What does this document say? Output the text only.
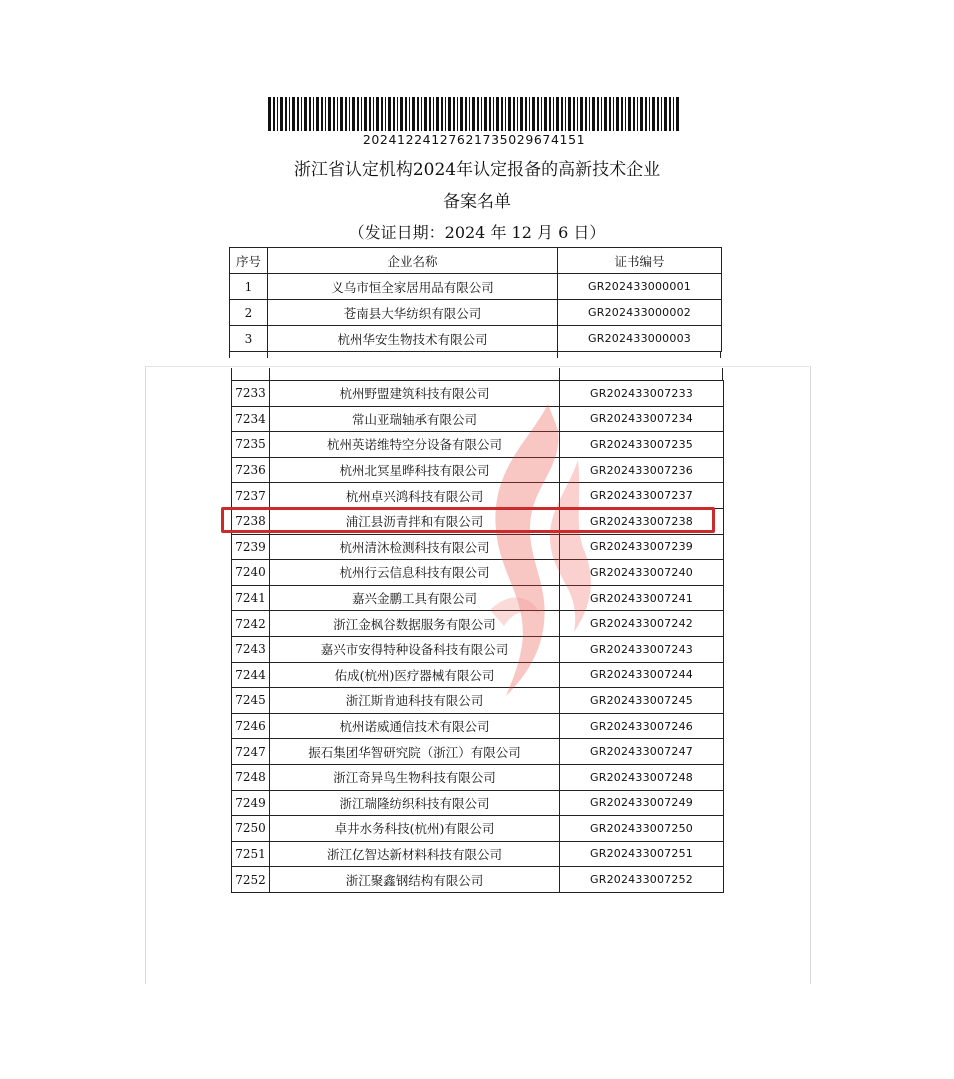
20241224127621735029674151
浙江省认定机构2024年认定报备的高新技术企业
备案名单
（发证日期：2024 年 12 月 6 日）
序号	企业名称	证书编号
1	义乌市恒全家居用品有限公司	GR202433000001
2	苍南县大华纺织有限公司	GR202433000002
3	杭州华安生物技术有限公司	GR202433000003
7233	杭州野盟建筑科技有限公司	GR202433007233
7234	常山亚瑞轴承有限公司	GR202433007234
7235	杭州英诺维特空分设备有限公司	GR202433007235
7236	杭州北冥星晔科技有限公司	GR202433007236
7237	杭州卓兴鸿科技有限公司	GR202433007237
7238	浦江县沥青拌和有限公司	GR202433007238
7239	杭州清沐检测科技有限公司	GR202433007239
7240	杭州行云信息科技有限公司	GR202433007240
7241	嘉兴金鹏工具有限公司	GR202433007241
7242	浙江金枫谷数据服务有限公司	GR202433007242
7243	嘉兴市安得特种设备科技有限公司	GR202433007243
7244	佑成(杭州)医疗器械有限公司	GR202433007244
7245	浙江斯肯迪科技有限公司	GR202433007245
7246	杭州诺威通信技术有限公司	GR202433007246
7247	振石集团华智研究院（浙江）有限公司	GR202433007247
7248	浙江奇异鸟生物科技有限公司	GR202433007248
7249	浙江瑞隆纺织科技有限公司	GR202433007249
7250	卓井水务科技(杭州)有限公司	GR202433007250
7251	浙江亿智达新材料科技有限公司	GR202433007251
7252	浙江聚鑫钢结构有限公司	GR202433007252
